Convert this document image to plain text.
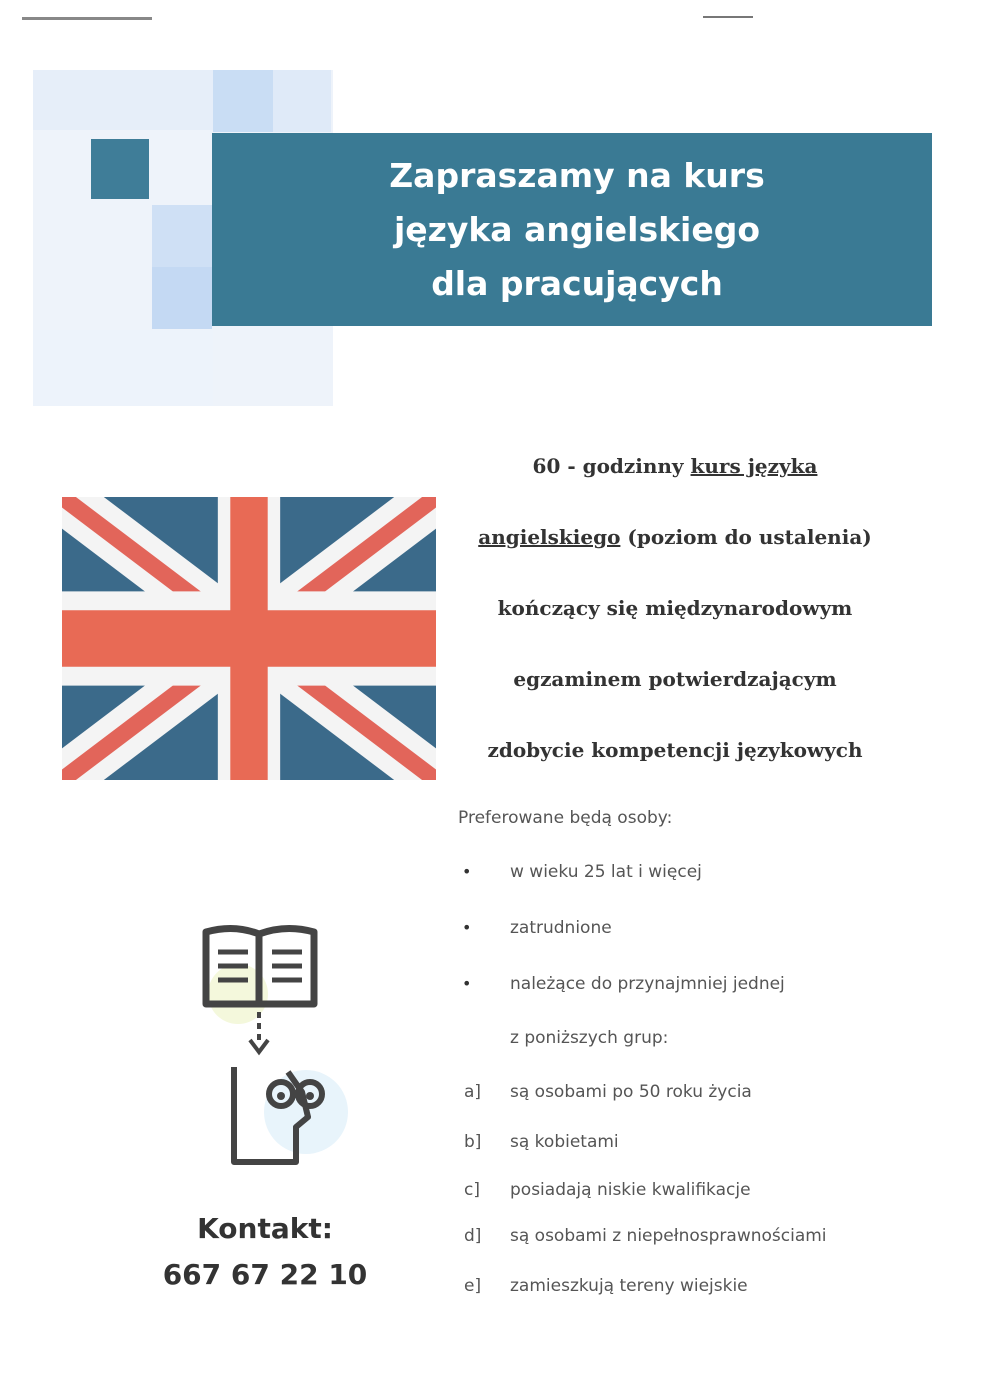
Zapraszamy na kurs
języka angielskiego
dla pracujących
60 - godzinny kurs języka
angielskiego (poziom do ustalenia)
kończący się międzynarodowym
egzaminem potwierdzającym
zdobycie kompetencji językowych
Preferowane będą osoby:
• w wieku 25 lat i więcej
• zatrudnione
• należące do przynajmniej jednej
z poniższych grup:
a] są osobami po 50 roku życia
b] są kobietami
c] posiadają niskie kwalifikacje
d] są osobami z niepełnosprawnościami
e] zamieszkują tereny wiejskie
Kontakt:
667 67 22 10
